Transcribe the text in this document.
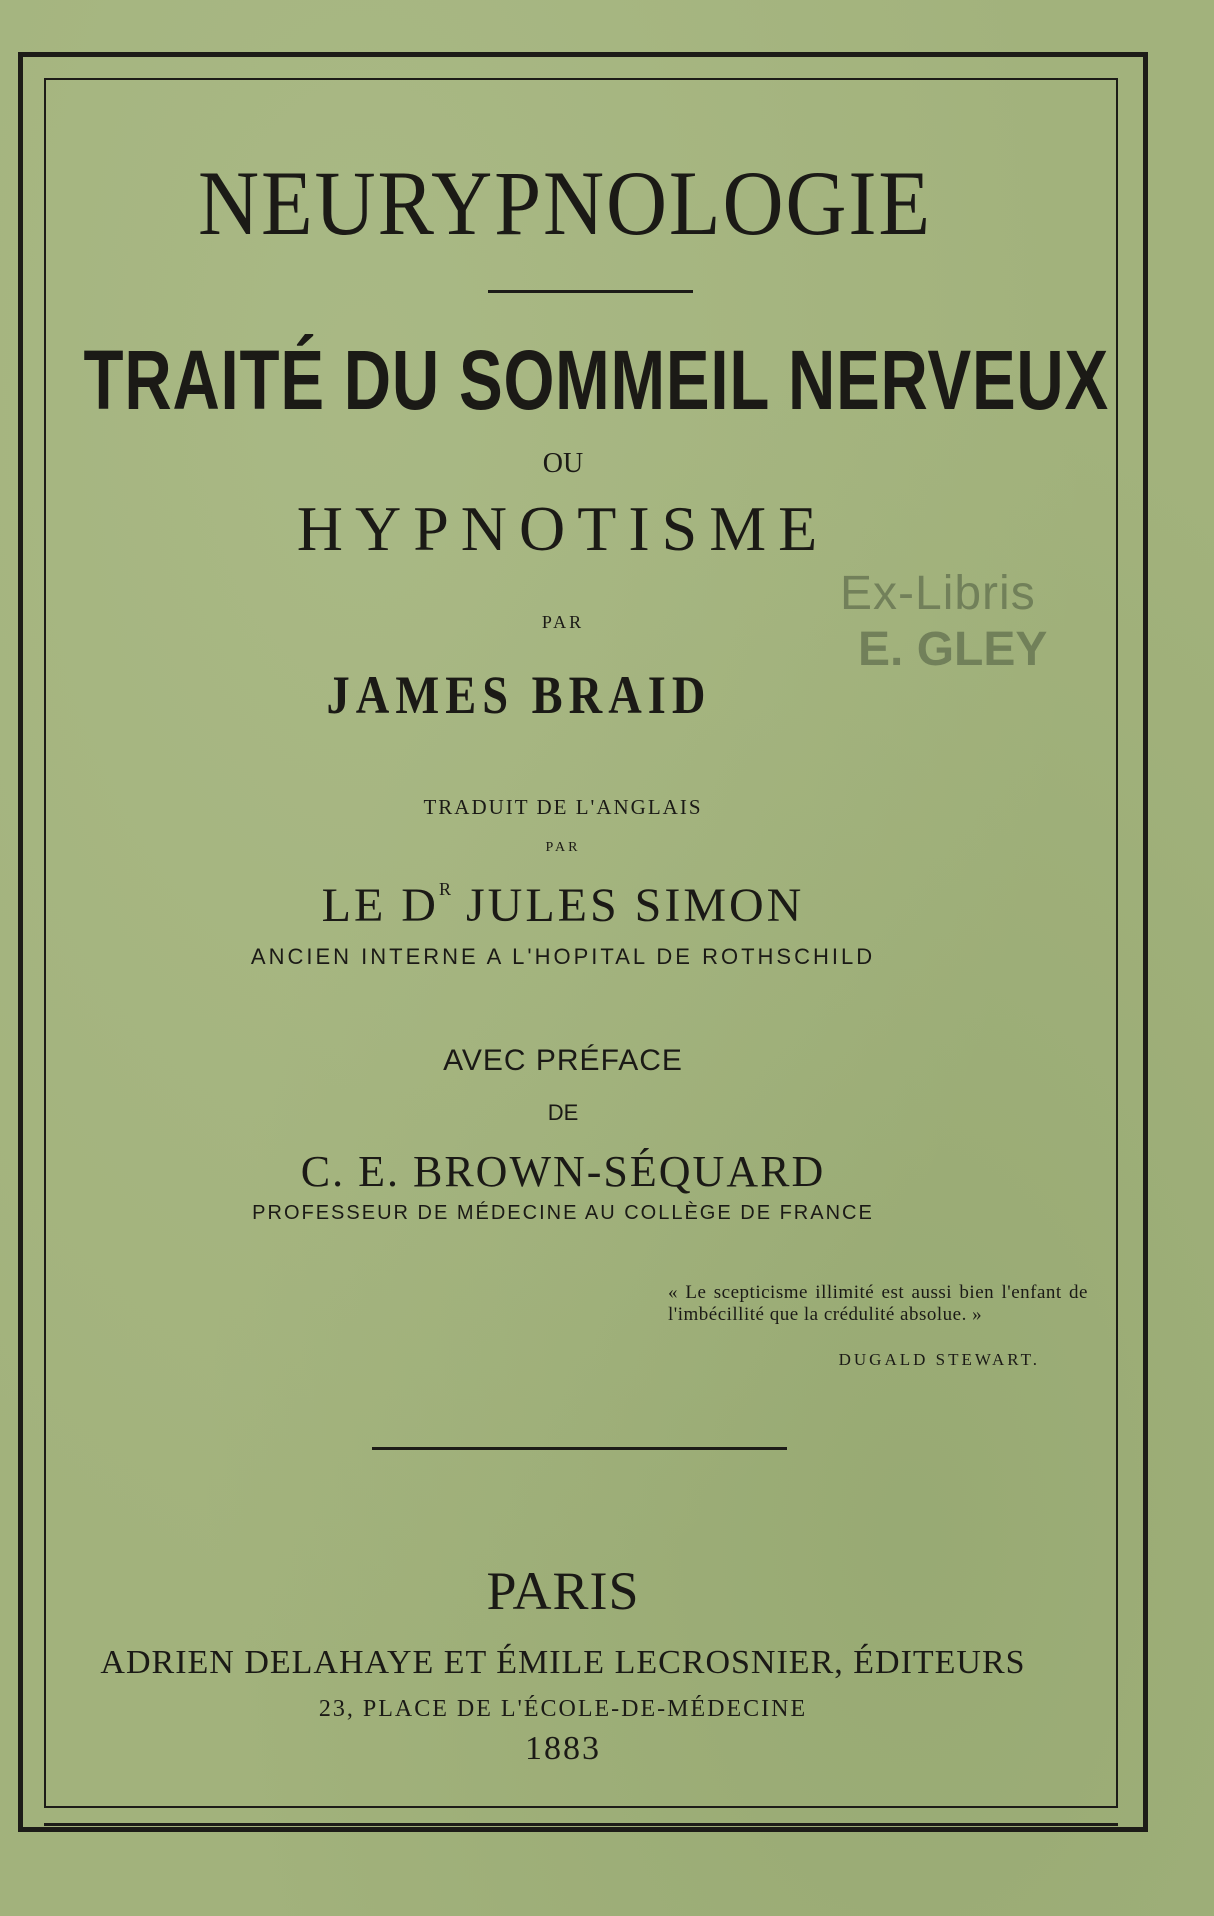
NEURYPNOLOGIE
TRAITÉ DU SOMMEIL NERVEUX
OU
HYPNOTISME
PAR
JAMES BRAID
Ex-Libris
E. GLEY
TRADUIT DE L'ANGLAIS
PAR
LE $D^R$ JULES SIMON
ANCIEN INTERNE A L'HOPITAL DE ROTHSCHILD
AVEC PRÉFACE
DE
C. E. BROWN-SÉQUARD
PROFESSEUR DE MÉDECINE AU COLLÈGE DE FRANCE
« Le scepticisme illimité est aussi bien l'enfant de l'imbécillité que la crédulité absolue. »
DUGALD STEWART.
PARIS
ADRIEN DELAHAYE ET ÉMILE LECROSNIER, ÉDITEURS
23, PLACE DE L'ÉCOLE-DE-MÉDECINE
1883
